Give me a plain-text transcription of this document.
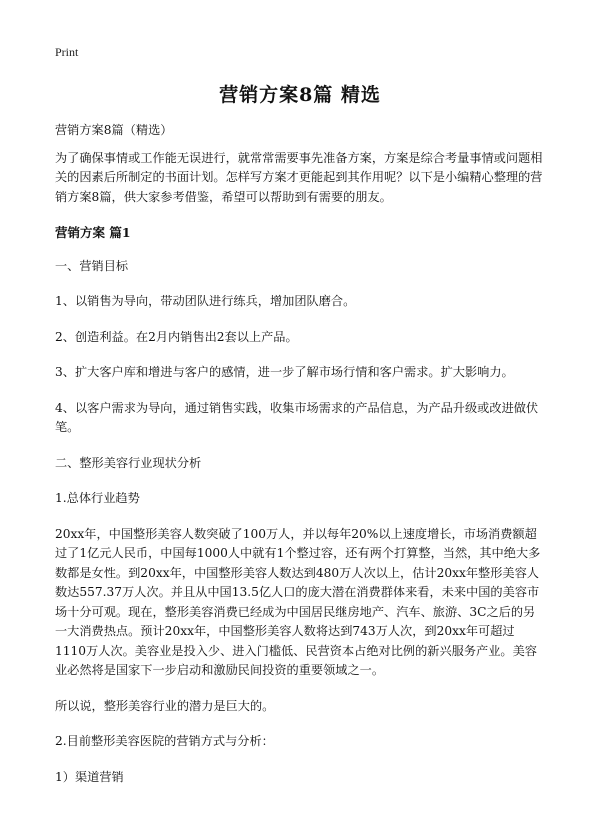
Print
营销方案8篇 精选

营销方案8篇（精选）

为了确保事情或工作能无误进行，就常常需要事先准备方案，方案是综合考量事情或问题相关的因素后所制定的书面计划。怎样写方案才更能起到其作用呢？以下是小编精心整理的营销方案8篇，供大家参考借鉴，希望可以帮助到有需要的朋友。

营销方案 篇1

一、营销目标

1、以销售为导向，带动团队进行练兵，增加团队磨合。

2、创造利益。在2月内销售出2套以上产品。

3、扩大客户库和增进与客户的感情，进一步了解市场行情和客户需求。扩大影响力。

4、以客户需求为导向，通过销售实践，收集市场需求的产品信息，为产品升级或改进做伏笔。

二、整形美容行业现状分析

1.总体行业趋势

20xx年，中国整形美容人数突破了100万人，并以每年20%以上速度增长，市场消费额超过了1亿元人民币，中国每1000人中就有1个整过容，还有两个打算整，当然，其中绝大多数都是女性。到20xx年，中国整形美容人数达到480万人次以上，估计20xx年整形美容人数达557.37万人次。并且从中国13.5亿人口的庞大潜在消费群体来看，未来中国的美容市场十分可观。现在，整形美容消费已经成为中国居民继房地产、汽车、旅游、3C之后的另一大消费热点。预计20xx年，中国整形美容人数将达到743万人次，到20xx年可超过1110万人次。美容业是投入少、进入门槛低、民营资本占绝对比例的新兴服务产业。美容业必然将是国家下一步启动和激励民间投资的重要领域之一。

所以说，整形美容行业的潜力是巨大的。

2.目前整形美容医院的营销方式与分析：

1）渠道营销
